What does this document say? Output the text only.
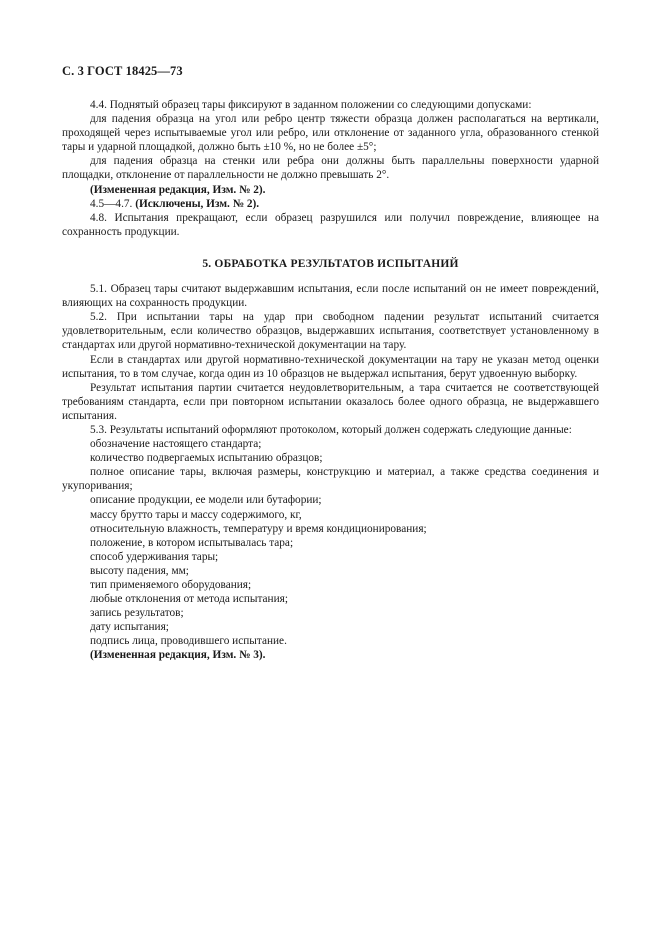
С. 3 ГОСТ 18425—73

4.4. Поднятый образец тары фиксируют в заданном положении со следующими допусками:

для падения образца на угол или ребро центр тяжести образца должен располагаться на вертикали, проходящей через испытываемые угол или ребро, или отклонение от заданного угла, образованного стенкой тары и ударной площадкой, должно быть ±10 %, но не более ±5°;

для падения образца на стенки или ребра они должны быть параллельны поверхности ударной площадки, отклонение от параллельности не должно превышать 2°.

(Измененная редакция, Изм. № 2).

4.5—4.7. (Исключены, Изм. № 2).

4.8. Испытания прекращают, если образец разрушился или получил повреждение, влияющее на сохранность продукции.

5. ОБРАБОТКА РЕЗУЛЬТАТОВ ИСПЫТАНИЙ

5.1. Образец тары считают выдержавшим испытания, если после испытаний он не имеет повреждений, влияющих на сохранность продукции.

5.2. При испытании тары на удар при свободном падении результат испытаний считается удовлетворительным, если количество образцов, выдержавших испытания, соответствует установленному в стандартах или другой нормативно-технической документации на тару.

Если в стандартах или другой нормативно-технической документации на тару не указан метод оценки испытания, то в том случае, когда один из 10 образцов не выдержал испытания, берут удвоенную выборку.

Результат испытания партии считается неудовлетворительным, а тара считается не соответствующей требованиям стандарта, если при повторном испытании оказалось более одного образца, не выдержавшего испытания.

5.3. Результаты испытаний оформляют протоколом, который должен содержать следующие данные:

обозначение настоящего стандарта;

количество подвергаемых испытанию образцов;

полное описание тары, включая размеры, конструкцию и материал, а также средства соединения и укупоривания;

описание продукции, ее модели или бутафории;

массу брутто тары и массу содержимого, кг,

относительную влажность, температуру и время кондиционирования;

положение, в котором испытывалась тара;

способ удерживания тары;

высоту падения, мм;

тип применяемого оборудования;

любые отклонения от метода испытания;

запись результатов;

дату испытания;

подпись лица, проводившего испытание.

(Измененная редакция, Изм. № 3).
